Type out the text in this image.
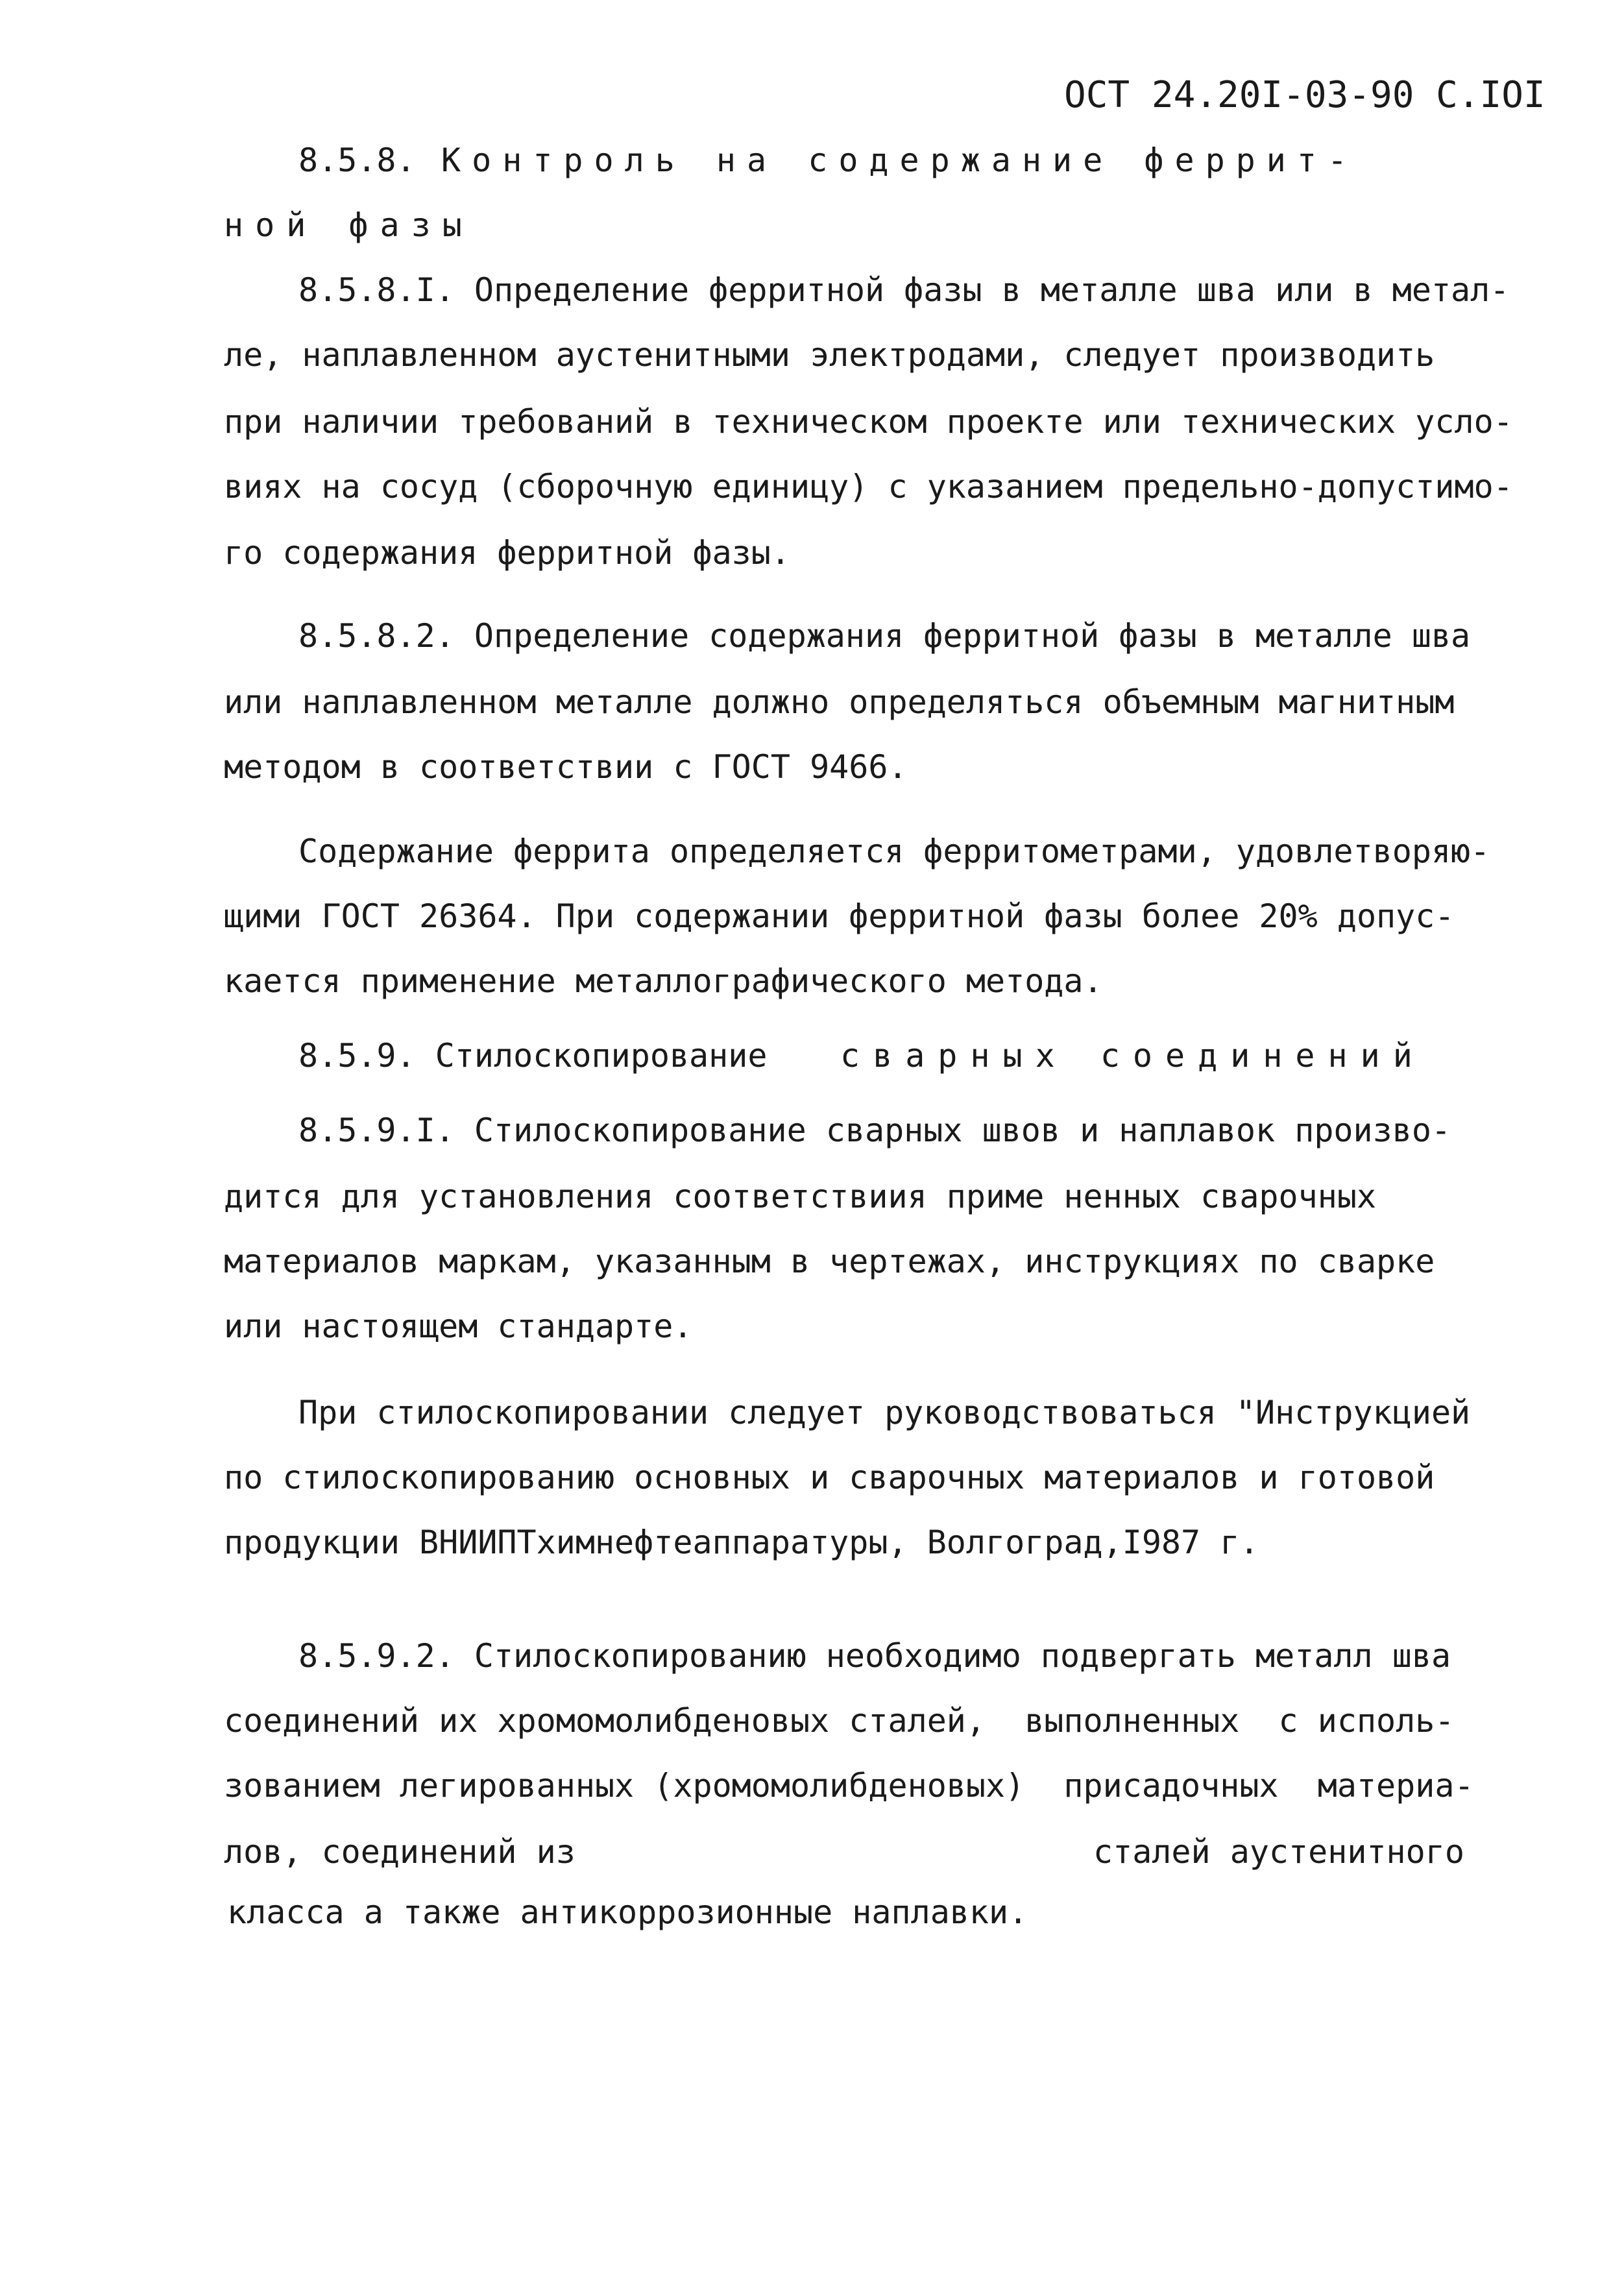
ОСТ 24.20I-03-90 С.IOI
8.5.8. Контроль на содержание феррит-
ной фазы
8.5.8.I. Определение ферритной фазы в металле шва или в метал-
ле, наплавленном аустенитными электродами, следует производить
при наличии требований в техническом проекте или технических усло-
виях на сосуд (сборочную единицу) с указанием предельно-допустимо-
го содержания ферритной фазы.
8.5.8.2. Определение содержания ферритной фазы в металле шва
или наплавленном металле должно определяться объемным магнитным
методом в соответствии с ГОСТ 9466.
Содержание феррита определяется ферритометрами, удовлетворяю-
щими ГОСТ 26364. При содержании ферритной фазы более 20% допус-
кается применение металлографического метода.
8.5.9. Стилоскопирование сварных соединений
8.5.9.I. Стилоскопирование сварных швов и наплавок произво-
дится для установления соответствиия приме ненных сварочных
материалов маркам, указанным в чертежах, инструкциях по сварке
или настоящем стандарте.
При стилоскопировании следует руководствоваться "Инструкцией
по стилоскопированию основных и сварочных материалов и готовой
продукции ВНИИПТхимнефтеаппаратуры, Волгоград,I987 г.
8.5.9.2. Стилоскопированию необходимо подвергать металл шва
соединений их хромомолибденовых сталей,  выполненных  с исполь-
зованием легированных (хромомолибденовых)  присадочных  материа-
лов, соединений из	сталей аустенитного
класса а также антикоррозионные наплавки.
